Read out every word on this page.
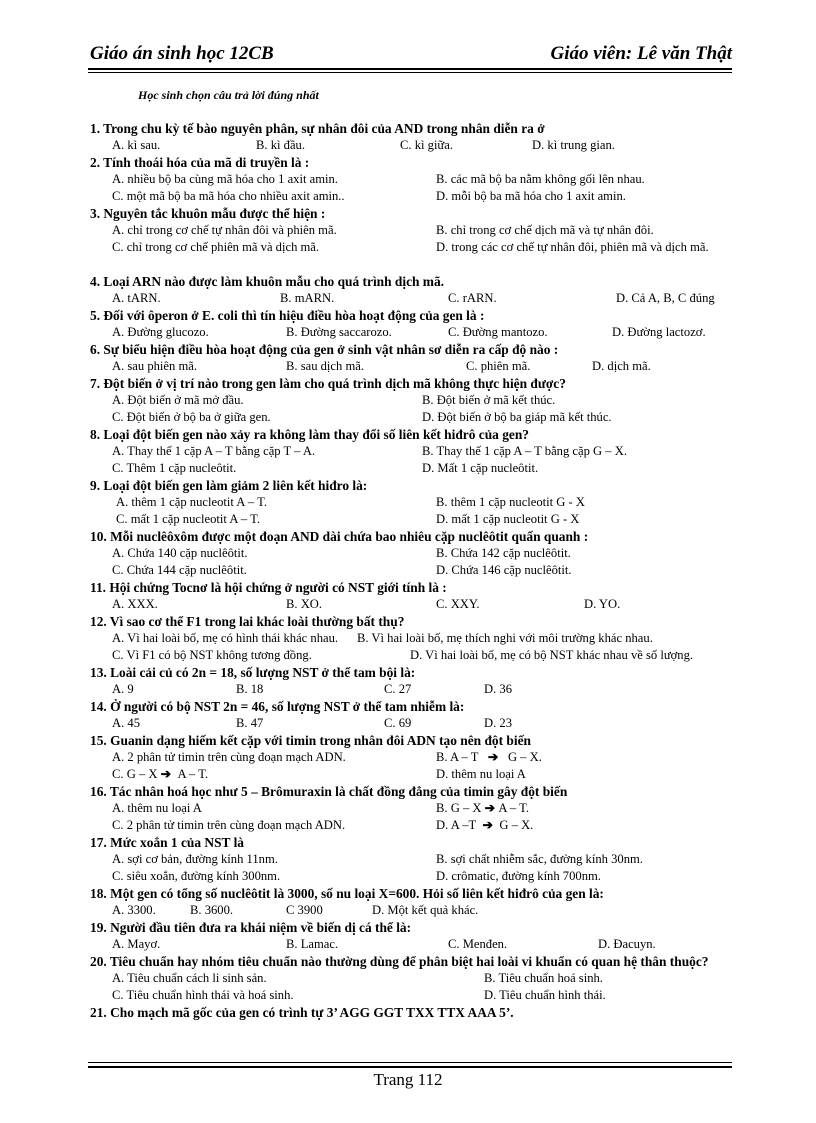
Giáo án sinh học 12CB	Giáo viên: Lê văn Thật
Học sinh chọn câu trả lời đúng nhất
1. Trong chu kỳ tế bào nguyên phân, sự nhân đôi của AND trong nhân diễn ra ở
A. kì sau.	B. kì đầu.	C. kì giữa.	D. kì trung gian.
2. Tính thoái hóa của mã di truyền là :
A. nhiều bộ ba cùng mã hóa cho 1 axit amin.	B. các mã bộ ba nằm không gối lên nhau.
C. một mã bộ ba mã hóa cho nhiều axit amin..	D. mỗi bộ ba mã hóa cho 1 axit amin.
3. Nguyên tắc khuôn mẫu được thể hiện :
A. chỉ trong cơ chế tự nhân đôi và phiên mã.	B. chỉ trong cơ chế dịch mã và tự nhân đôi.
C. chỉ trong cơ chế phiên mã và dịch mã.	D. trong các cơ chế tự nhân đôi, phiên mã và dịch mã.
4. Loại ARN nào được làm khuôn mẫu cho quá trình dịch mã.
A. tARN.	B. mARN.	C. rARN.	D. Cả A, B, C đúng
5. Đối với ôperon ở E. coli thì tín hiệu điều hòa hoạt động của gen là :
A. Đường glucozo.	B. Đường saccarozo.	C. Đường mantozo.	D. Đường lactozơ.
6. Sự biểu hiện điều hòa hoạt động của gen ở sinh vật nhân sơ diễn ra cấp độ nào :
A. sau phiên mã.	B. sau dịch mã.	C. phiên mã.	D. dịch mã.
7. Đột biến ở vị trí nào trong gen làm cho quá trình dịch mã không thực hiện được?
A. Đột biến ở mã mở đầu.	B. Đột biến ở mã kết thúc.
C. Đột biến ở bộ ba ở giữa gen.	D. Đột biến ở bộ ba giáp mã kết thúc.
8. Loại đột biến gen nào xảy ra không làm thay đổi số liên kết hiđrô của gen?
A. Thay thế 1 cặp A – T bằng cặp T – A.	B. Thay thế 1 cặp A – T bằng cặp G – X.
C. Thêm 1 cặp nucleôtit.	D. Mất 1 cặp nucleôtit.
9. Loại đột biến gen làm giảm 2 liên kết hiđro là:
A. thêm 1 cặp nucleotit A – T.	B. thêm 1 cặp nucleotit G - X
C. mất 1 cặp nucleotit A – T.	D. mất 1 cặp nucleotit G - X
10. Mỗi nuclêôxôm được một đoạn AND dài chứa bao nhiêu cặp nuclêôtit quấn quanh :
A. Chứa 140 cặp nuclêôtit.	B. Chứa 142 cặp nuclêôtit.
C. Chứa 144 cặp nuclêôtit.	D. Chứa 146 cặp nuclêôtit.
11. Hội chứng Tocnơ là hội chứng ở người có NST giới tính là :
A. XXX.	B. XO.	C. XXY.	D. YO.
12. Vì sao cơ thể F1 trong lai khác loài thường bất thụ?
A. Vì hai loài bố, mẹ có hình thái khác nhau. B. Vì hai loài bố, mẹ thích nghi với môi trường khác nhau.
C. Vì F1 có bộ NST không tương đồng.	D. Vì hai loài bố, mẹ có bộ NST khác nhau về số lượng.
13. Loài cải củ có 2n = 18, số lượng NST ở thể tam bội là:
A. 9	B. 18	C. 27	D. 36
14. Ở người có bộ NST 2n = 46, số lượng NST ở thể tam nhiễm là:
A. 45	B. 47	C. 69	D. 23
15. Guanin dạng hiếm kết cặp với timin trong nhân đôi ADN tạo nên đột biến
A. 2 phân tử timin trên cùng đoạn mạch ADN.	B. A – T ➔ G – X.
C. G – X ➔ A – T.	D. thêm nu loại A
16. Tác nhân hoá học như 5 – Brômuraxin là chất đồng đẳng của timin gây đột biến
A. thêm nu loại A	B. G – X ➔ A – T.
C. 2 phân tử timin trên cùng đoạn mạch ADN.	D. A –T ➔ G – X.
17. Mức xoắn 1 của NST là
A. sợi cơ bản, đường kính 11nm.	B. sợi chất nhiễm sắc, đường kính 30nm.
C. siêu xoắn, đường kính 300nm.	D. crômatic, đường kính 700nm.
18. Một gen có tổng số nuclêôtit là 3000, số nu loại X=600. Hỏi số liên kết hiđrô của gen là:
A. 3300.	B. 3600.	C 3900	D. Một kết quả khác.
19. Người đầu tiên đưa ra khái niệm về biến dị cá thể là:
A. Mayơ.	B. Lamac.	C. Menđen.	D. Đacuyn.
20. Tiêu chuẩn hay nhóm tiêu chuẩn nào thường dùng để phân biệt hai loài vi khuẩn có quan hệ thân thuộc?
A. Tiêu chuẩn cách li sinh sản.	B. Tiêu chuẩn hoá sinh.
C. Tiêu chuẩn hình thái và hoá sinh.	D. Tiêu chuẩn hình thái.
21. Cho mạch mã gốc của gen có trình tự 3’ AGG GGT TXX TTX AAA 5’.
Trang 112
